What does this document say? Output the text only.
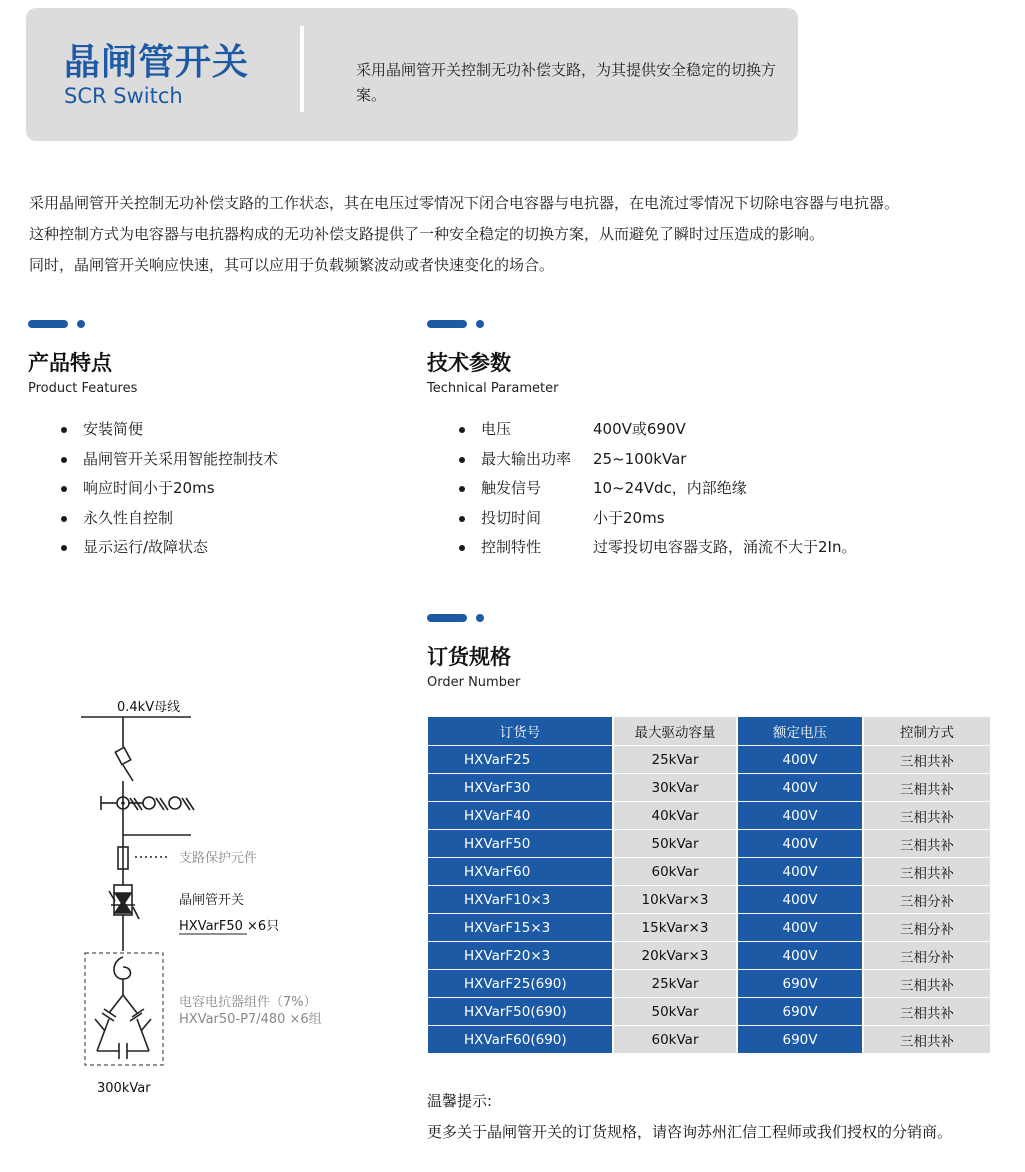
晶闸管开关
SCR Switch
采用晶闸管开关控制无功补偿支路，为其提供安全稳定的切换方案。

采用晶闸管开关控制无功补偿支路的工作状态，其在电压过零情况下闭合电容器与电抗器，在电流过零情况下切除电容器与电抗器。

这种控制方式为电容器与电抗器构成的无功补偿支路提供了一种安全稳定的切换方案，从而避免了瞬时过压造成的影响。

同时，晶闸管开关响应快速，其可以应用于负载频繁波动或者快速变化的场合。

产品特点
Product Features
安装简便
晶闸管开关采用智能控制技术
响应时间小于20ms
永久性自控制
显示运行/故障状态
技术参数
Technical Parameter
电压	400V或690V
最大输出功率 25~100kVar
触发信号	10~24Vdc，内部绝缘
投切时间	小于20ms
控制特性	过零投切电容器支路，涌流不大于2In。
订货规格
Order Number
订货号	最大驱动容量	额定电压	控制方式
HXVarF25	25kVar	400V	三相共补
HXVarF30	30kVar	400V	三相共补
HXVarF40	40kVar	400V	三相共补
HXVarF50	50kVar	400V	三相共补
HXVarF60	60kVar	400V	三相共补
HXVarF10×3	10kVar×3	400V	三相分补
HXVarF15×3	15kVar×3	400V	三相分补
HXVarF20×3	20kVar×3	400V	三相分补
HXVarF25(690)	25kVar	690V	三相共补
HXVarF50(690)	50kVar	690V	三相共补
HXVarF60(690)	60kVar	690V	三相共补
温馨提示:
更多关于晶闸管开关的订货规格，请咨询苏州汇信工程师或我们授权的分销商。
0.4kV母线
支路保护元件
晶闸管开关
HXVarF50 ×6只
电容电抗器组件（7%）
HXVar50-P7/480 ×6组
300kVar
